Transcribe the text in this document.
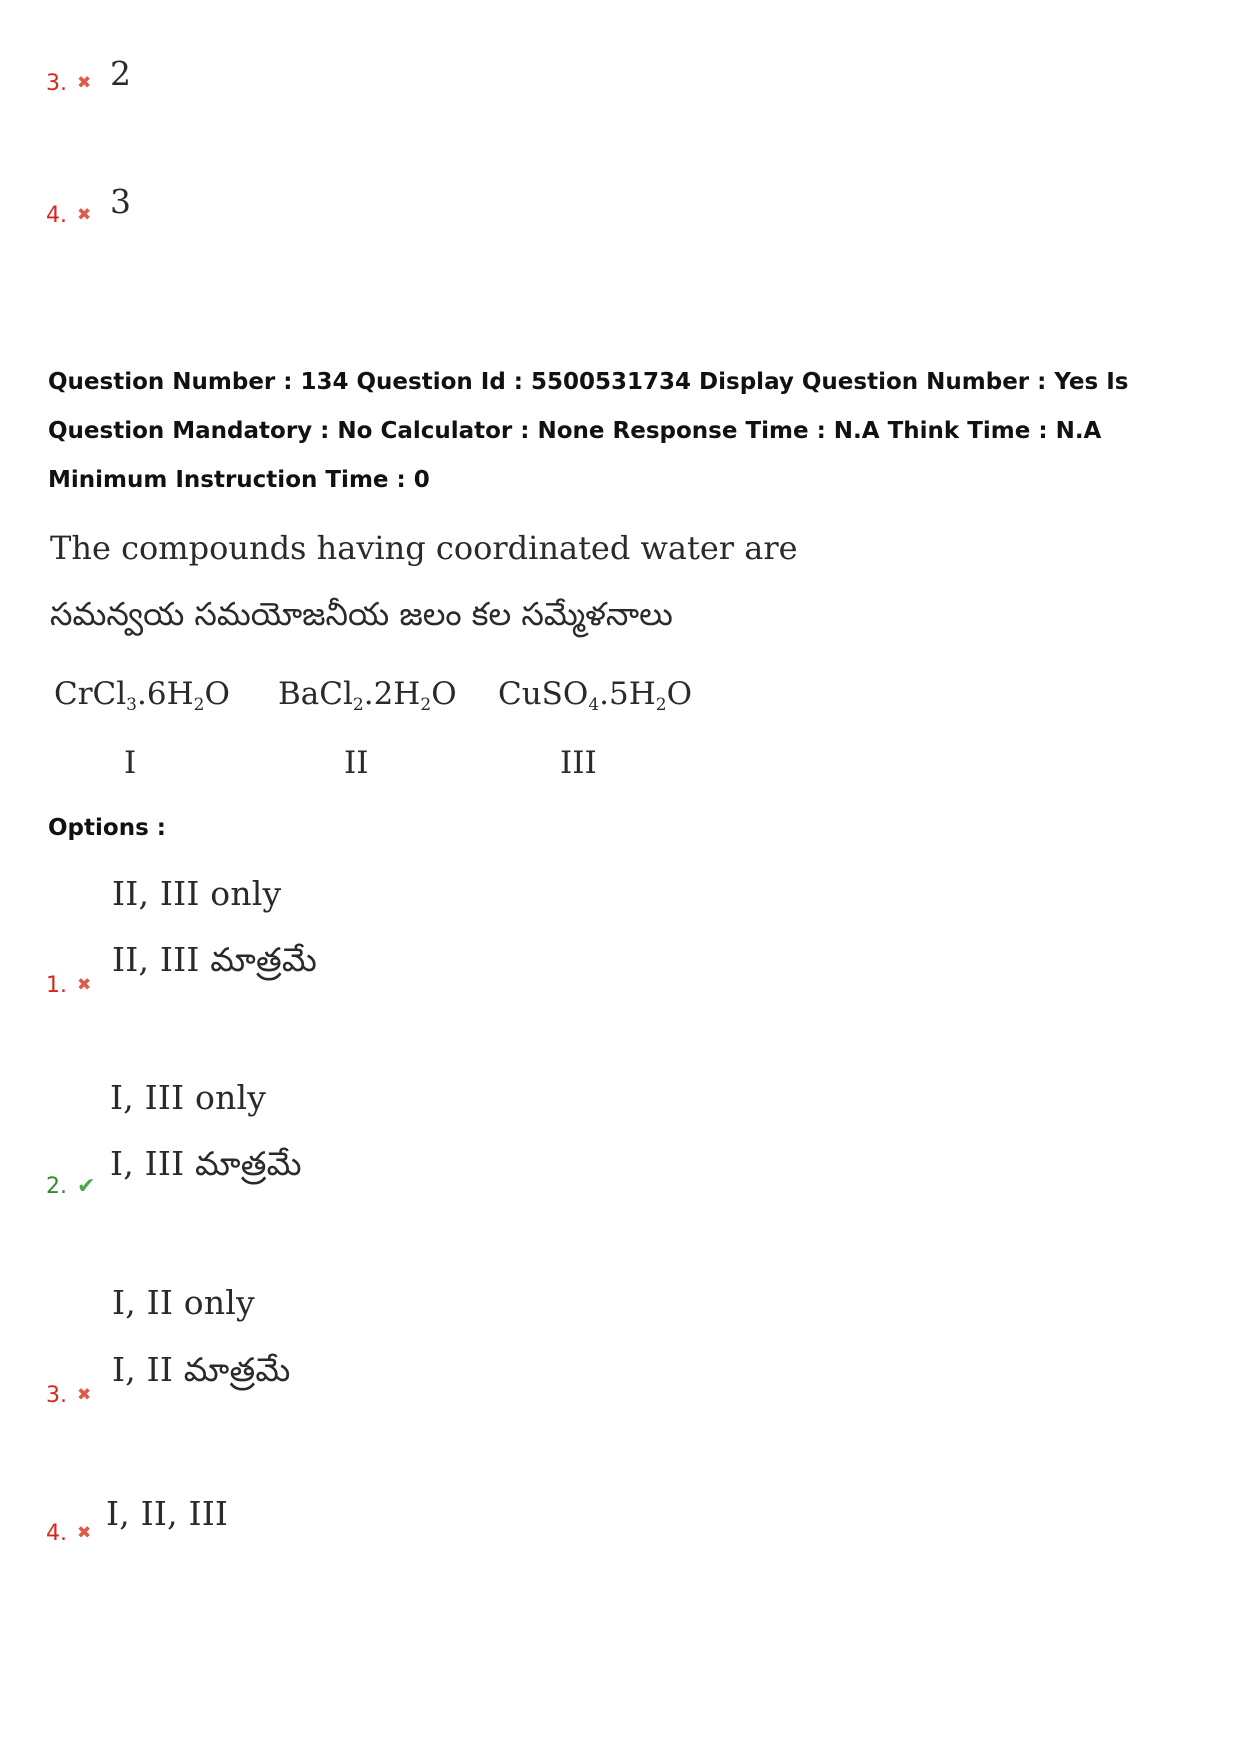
3. ✖ 2
4. ✖ 3
Question Number : 134 Question Id : 5500531734 Display Question Number : Yes Is Question Mandatory : No Calculator : None Response Time : N.A Think Time : N.A Minimum Instruction Time : 0
The compounds having coordinated water are
సమన్వయ సమయోజనీయ జలం కల సమ్మేళనాలు
$CrCl_3.6H_2O$ $BaCl_2.2H_2O$ $CuSO_4.5H_2O$
I	II	III
Options :
II, III only
II, III మాత్రమే
1. ✖
I, III only
I, III మాత్రమే
2. ✔
I, II only
I, II మాత్రమే
3. ✖
4. ✖ I, II, III
